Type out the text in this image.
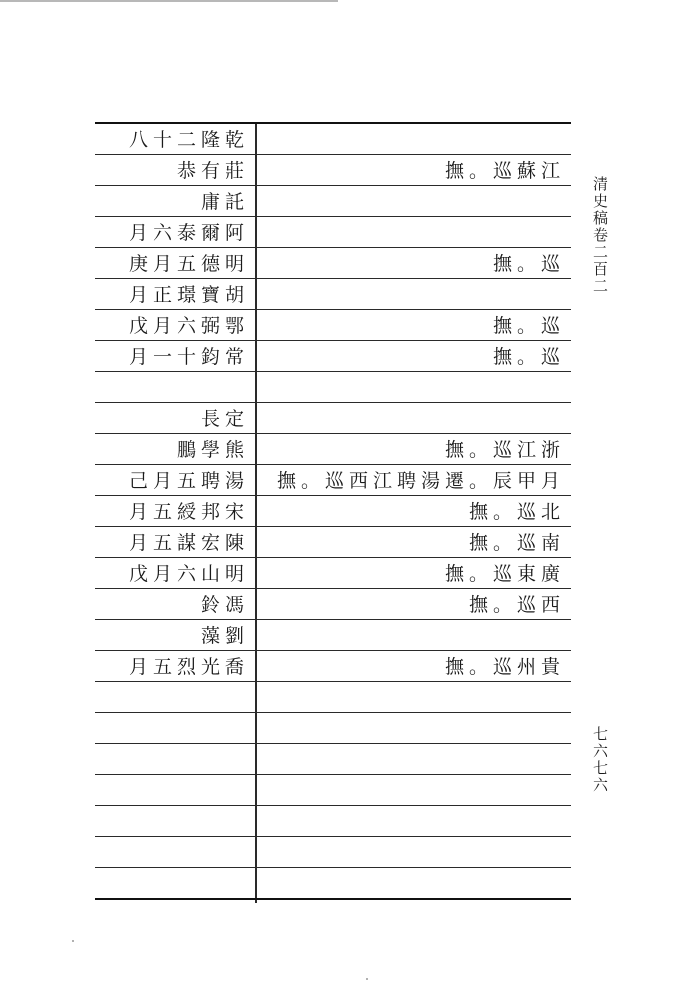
八十二隆乾
恭有莊	撫。巡蘇江
庸託
月六泰爾阿
庚月五德明	撫。巡
月正璟寶胡
戊月六弼鄂	撫。巡
月一十鈞常	撫。巡
長定
鵬學熊	撫。巡江浙
己月五聘湯	撫。巡西江聘湯遷。辰甲月
月五綬邦宋	撫。巡北
月五謀宏陳	撫。巡南
戊月六山明	撫。巡東廣
鈴馮	撫。巡西
藻劉
月五烈光喬	撫。巡州貴
清史稿卷二百二
七六七六
